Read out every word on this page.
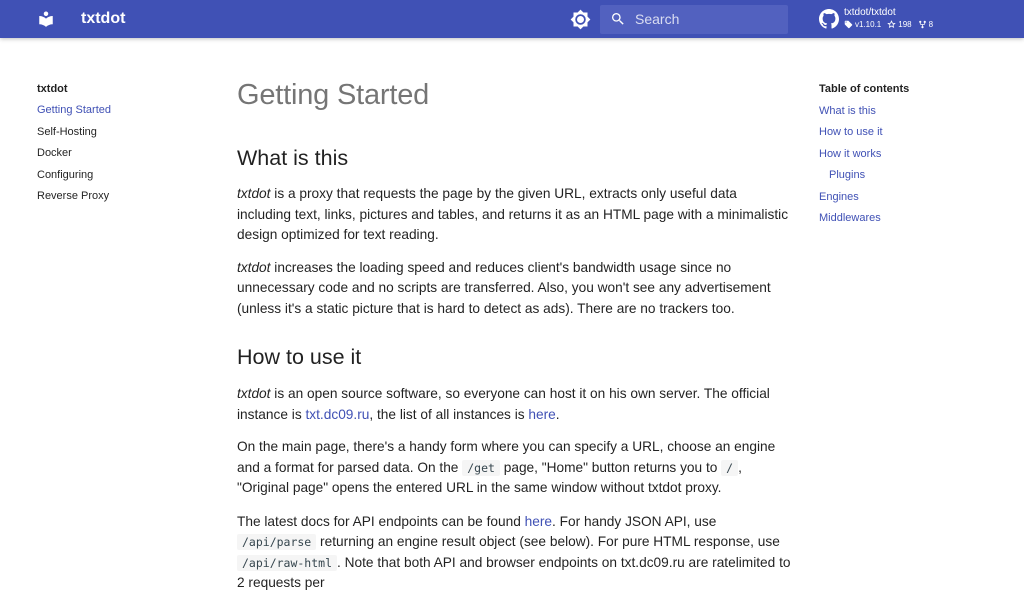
txtdot
Search	txtdot/txtdot
v1.10.1 198 8
txtdot
Getting Started
Self-Hosting
Docker
Configuring
Reverse Proxy
Table of contents
What is this
How to use it
How it works
Plugins
Engines
Middlewares
Getting Started
What is this

txtdot is a proxy that requests the page by the given URL, extracts only useful data including text, links, pictures and tables, and returns it as an HTML page with a minimalistic design optimized for text reading.

txtdot increases the loading speed and reduces client's bandwidth usage since no unnecessary code and no scripts are transferred. Also, you won't see any advertisement (unless it's a static picture that is hard to detect as ads). There are no trackers too.

How to use it

txtdot is an open source software, so everyone can host it on his own server. The official instance is txt.dc09.ru, the list of all instances is here.

On the main page, there's a handy form where you can specify a URL, choose an engine and a format for parsed data. On the /get page, "Home" button returns you to / , "Original page" opens the entered URL in the same window without txtdot proxy.

The latest docs for API endpoints can be found here. For handy JSON API, use /api/parse returning an engine result object (see below). For pure HTML response, use /api/raw-html . Note that both API and browser endpoints on txt.dc09.ru are ratelimited to 2 requests per
